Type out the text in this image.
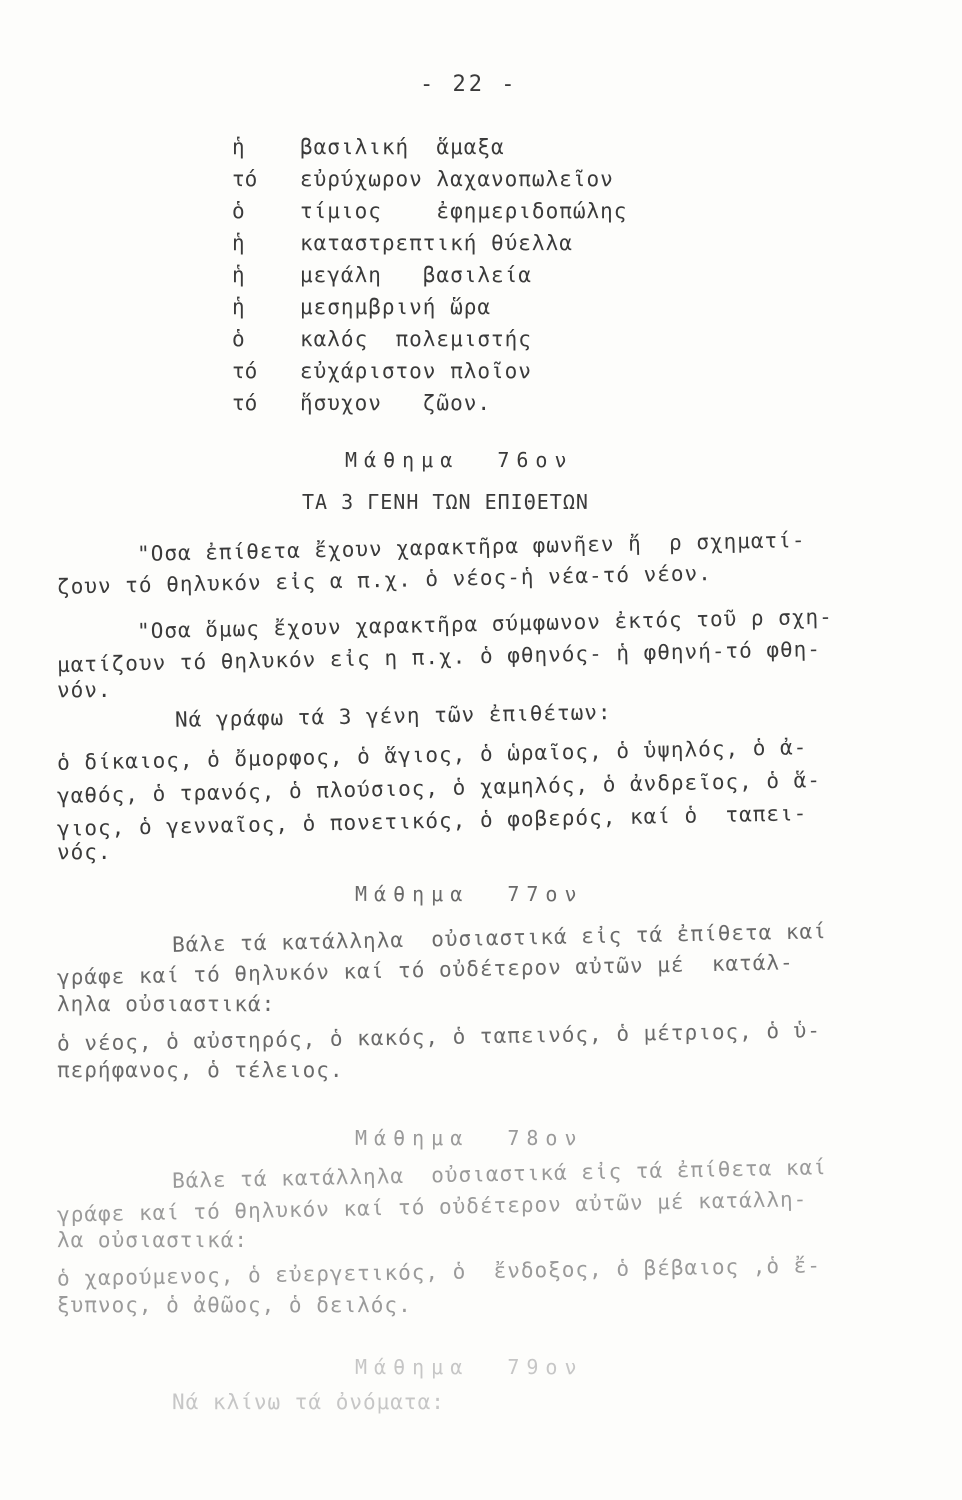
- 22 -
ἡ	βασιλική  ἅμαξα
τό εὐρύχωρον λαχανοπωλεῖον
ὁ	τίμιος    ἐφημεριδοπώλης
ἡ	καταστρεπτική θύελλα
ἡ	μεγάλη   βασιλεία
ἡ	μεσημβρινή ὥρα
ὁ	καλός  πολεμιστής
τό εὐχάριστον πλοῖον
τό ἥσυχον   ζῶον.
Μάθημα  76ον
ΤΑ 3 ΓΕΝΗ ΤΩΝ ΕΠΙΘΕΤΩΝ
"Οσα ἐπίθετα ἔχουν χαρακτῆρα φωνῆεν ἤ  ρ σχηματί-
ζουν τό θηλυκόν εἰς α π.χ. ὁ νέος-ἡ νέα-τό νέον.
"Οσα ὅμως ἔχουν χαρακτῆρα σύμφωνον ἐκτός τοῦ ρ σχη-
ματίζουν τό θηλυκόν εἰς η π.χ. ὁ φθηνός- ἡ φθηνή-τό φθη-
νόν.
Νά γράφω τά 3 γένη τῶν ἐπιθέτων:
ὁ δίκαιος, ὁ ὄμορφος, ὁ ἅγιος, ὁ ὡραῖος, ὁ ὑψηλός, ὁ ἀ-
γαθός, ὁ τρανός, ὁ πλούσιος, ὁ χαμηλός, ὁ ἀνδρεῖος, ὁ ἅ-
γιος, ὁ γενναῖος, ὁ πονετικός, ὁ φοβερός, καί ὁ  ταπει-
νός.
Μάθημα  77ον
Βάλε τά κατάλληλα  οὐσιαστικά εἰς τά ἐπίθετα καί
γράφε καί τό θηλυκόν καί τό οὐδέτερον αὐτῶν μέ  κατάλ-
ληλα οὐσιαστικά:
ὁ νέος, ὁ αὐστηρός, ὁ κακός, ὁ ταπεινός, ὁ μέτριος, ὁ ὑ-
περήφανος, ὁ τέλειος.
Μάθημα  78ον
Βάλε τά κατάλληλα  οὐσιαστικά εἰς τά ἐπίθετα καί
γράφε καί τό θηλυκόν καί τό οὐδέτερον αὐτῶν μέ κατάλλη-
λα οὐσιαστικά:
ὁ χαρούμενος, ὁ εὐεργετικός, ὁ  ἔνδοξος, ὁ βέβαιος ,ὁ ἔ-
ξυπνος, ὁ ἀθῶος, ὁ δειλός.
Μάθημα  79ον
Νά κλίνω τά ὀνόματα:
